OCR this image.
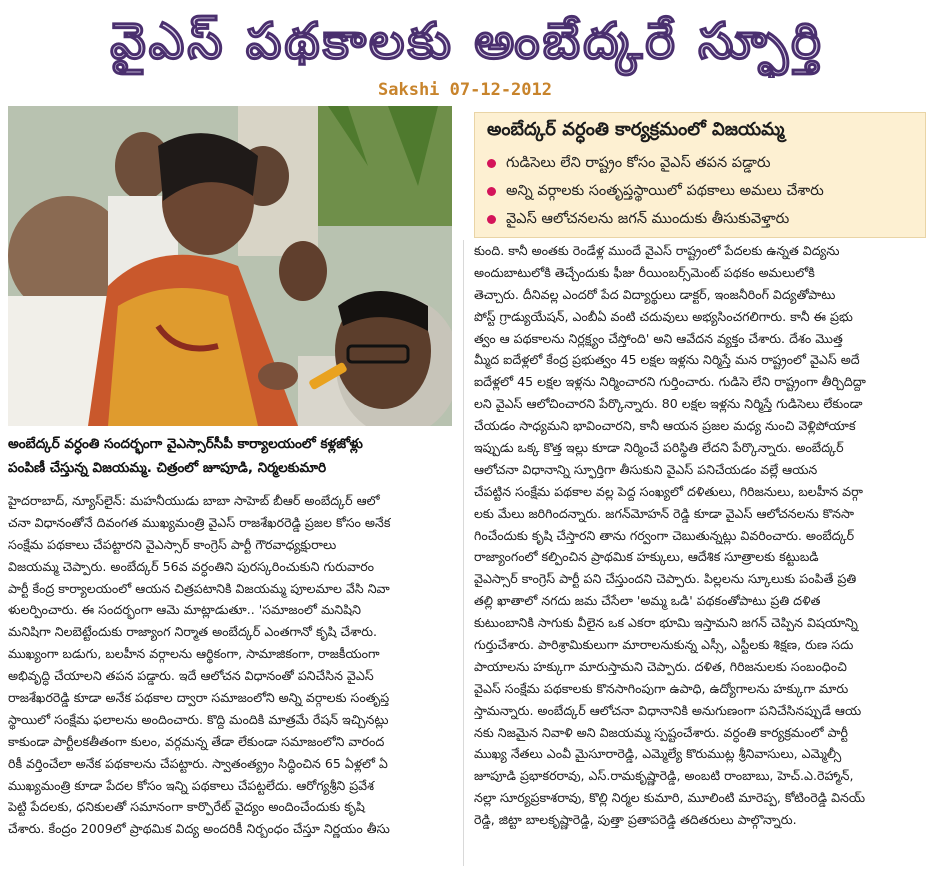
వైఎస్‌ పథకాలకు అంబేద్కరే స్ఫూర్తి
Sakshi 07-12-2012
అంబేద్కర్‌ వర్ధంతి సందర్భంగా వైఎస్సార్‌సీపీ కార్యాలయంలో కళ్లజోళ్లు
పంపిణీ చేస్తున్న విజయమ్మ. చిత్రంలో జూపూడి, నిర్మలకుమారి
అంబేద్కర్‌ వర్ధంతి కార్యక్రమంలో విజయమ్మ
గుడిసెలు లేని రాష్ట్రం కోసం వైఎస్‌ తపన పడ్డారు
అన్ని వర్గాలకు సంతృప్తస్థాయిలో పథకాలు అమలు చేశారు
వైఎస్‌ ఆలోచనలను జగన్‌ ముందుకు తీసుకువెళ్తారు
హైదరాబాద్, న్యూస్‌లైన్: మహనీయుడు బాబా సాహెబ్ బీఆర్ అంబేద్కర్ ఆలో
చనా విధానంతోనే దివంగత ముఖ్యమంత్రి వైఎస్ రాజశేఖరరెడ్డి ప్రజల కోసం అనేక
సంక్షేమ పథకాలు చేపట్టారని వైఎస్సార్ కాంగ్రెస్ పార్టీ గౌరవాధ్యక్షురాలు
విజయమ్మ చెప్పారు. అంబేద్కర్ 56వ వర్ధంతిని పురస్కరించుకుని గురువారం
పార్టీ కేంద్ర కార్యాలయంలో ఆయన చిత్రపటానికి విజయమ్మ పూలమాల వేసి నివా
ళులర్పించారు. ఈ సందర్భంగా ఆమె మాట్లాడుతూ.. 'సమాజంలో మనిషిని
మనిషిగా నిలబెట్టేందుకు రాజ్యాంగ నిర్మాత అంబేద్కర్ ఎంతగానో కృషి చేశారు.
ముఖ్యంగా బడుగు, బలహీన వర్గాలను ఆర్థికంగా, సామాజికంగా, రాజకీయంగా
అభివృద్ధి చేయాలని తపన పడ్డారు. ఇదే ఆలోచన విధానంతో పనిచేసిన వైఎస్
రాజశేఖరరెడ్డి కూడా అనేక పథకాల ద్వారా సమాజంలోని అన్ని వర్గాలకు సంతృప్త
స్థాయిలో సంక్షేమ ఫలాలను అందించారు. కొద్ది మందికి మాత్రమే రేషన్ ఇచ్చినట్లు
కాకుండా పార్టీలకతీతంగా కులం, వర్గమన్న తేడా లేకుండా సమాజంలోని వారంద
రికీ వర్తించేలా అనేక పథకాలను చేపట్టారు. స్వాతంత్య్రం సిద్ధించిన 65 ఏళ్లలో ఏ
ముఖ్యమంత్రి కూడా పేదల కోసం ఇన్ని పథకాలు చేపట్టలేదు. ఆరోగ్యశ్రీని ప్రవేశ
పెట్టి పేదలకు, ధనికులతో సమానంగా కార్పొరేట్ వైద్యం అందించేందుకు కృషి
చేశారు. కేంద్రం 2009లో ప్రాథమిక విద్య అందరికీ నిర్బంధం చేస్తూ నిర్ణయం తీసు
కుంది. కానీ అంతకు రెండేళ్ల ముందే వైఎస్ రాష్ట్రంలో పేదలకు ఉన్నత విద్యను
అందుబాటులోకి తెచ్చేందుకు ఫీజు రీయింబర్స్‌మెంట్ పథకం అమలులోకి
తెచ్చారు. దీనివల్ల ఎందరో పేద విద్యార్థులు డాక్టర్, ఇంజనీరింగ్ విద్యతోపాటు
పోస్ట్ గ్రాడ్యుయేషన్, ఎంబీఏ వంటి చదువులు అభ్యసించగలిగారు. కానీ ఈ ప్రభు
త్వం ఆ పథకాలను నిర్లక్ష్యం చేస్తోంది' అని ఆవేదన వ్యక్తం చేశారు. దేశం మొత్త
మ్మీద ఐదేళ్లలో కేంద్ర ప్రభుత్వం 45 లక్షల ఇళ్లను నిర్మిస్తే మన రాష్ట్రంలో వైఎస్ అదే
ఐదేళ్లలో 45 లక్షల ఇళ్లను నిర్మించారని గుర్తించారు. గుడిసె లేని రాష్ట్రంగా తీర్చిదిద్దా
లని వైఎస్ ఆలోచించారని పేర్కొన్నారు. 80 లక్షల ఇళ్లను నిర్మిస్తే గుడిసెలు లేకుండా
చేయడం సాధ్యమని భావించారని, కానీ ఆయన ప్రజల మధ్య నుంచి వెళ్లిపోయాక
ఇప్పుడు ఒక్క కొత్త ఇల్లు కూడా నిర్మించే పరిస్థితి లేదని పేర్కొన్నారు. అంబేద్కర్
ఆలోచనా విధానాన్ని స్ఫూర్తిగా తీసుకుని వైఎస్ పనిచేయడం వల్లే ఆయన
చేపట్టిన సంక్షేమ పథకాల వల్ల పెద్ద సంఖ్యలో దళితులు, గిరిజనులు, బలహీన వర్గా
లకు మేలు జరిగిందన్నారు. జగన్‌మోహన్ రెడ్డి కూడా వైఎస్ ఆలోచనలను కొనసా
గించేందుకు కృషి చేస్తారని తాను గర్వంగా చెబుతున్నట్లు వివరించారు. అంబేద్కర్
రాజ్యాంగంలో కల్పించిన ప్రాథమిక హక్కులు, ఆదేశిక సూత్రాలకు కట్టుబడి
వైఎస్సార్ కాంగ్రెస్ పార్టీ పని చేస్తుందని చెప్పారు. పిల్లలను స్కూలుకు పంపితే ప్రతి
తల్లి ఖాతాలో నగదు జమ చేసేలా 'అమ్మ ఒడి' పథకంతోపాటు ప్రతి దళిత
కుటుంబానికి సాగుకు వీలైన ఒక ఎకరా భూమి ఇస్తామని జగన్ చెప్పిన విషయాన్ని
గుర్తుచేశారు. పారిశ్రామికులుగా మారాలనుకున్న ఎస్సీ, ఎస్టీలకు శిక్షణ, రుణ సదు
పాయాలను హక్కుగా మారుస్తామని చెప్పారు. దళిత, గిరిజనులకు సంబంధించి
వైఎస్ సంక్షేమ పథకాలకు కొనసాగింపుగా ఉపాధి, ఉద్యోగాలను హక్కుగా మారు
స్తామన్నారు. అంబేద్కర్ ఆలోచనా విధానానికి అనుగుణంగా పనిచేసినప్పుడే ఆయ
నకు నిజమైన నివాళి అని విజయమ్మ స్పష్టంచేశారు. వర్ధంతి కార్యక్రమంలో పార్టీ
ముఖ్య నేతలు ఎంవీ మైసూరారెడ్డి, ఎమ్మెల్యే కొరుముట్ల శ్రీనివాసులు, ఎమ్మెల్సీ
జూపూడి ప్రభాకరరావు, ఎస్.రామకృష్ణారెడ్డి, అంబటి రాంబాబు, హెచ్.ఎ.రెహ్మాన్,
నల్లా సూర్యప్రకాశరావు, కొల్లి నిర్మల కుమారి, మూలింటి మారెప్ప, కోటింరెడ్డి వినయ్
రెడ్డి, జిట్టా బాలకృష్ణారెడ్డి, పుత్తా ప్రతాపరెడ్డి తదితరులు పాల్గొన్నారు.
